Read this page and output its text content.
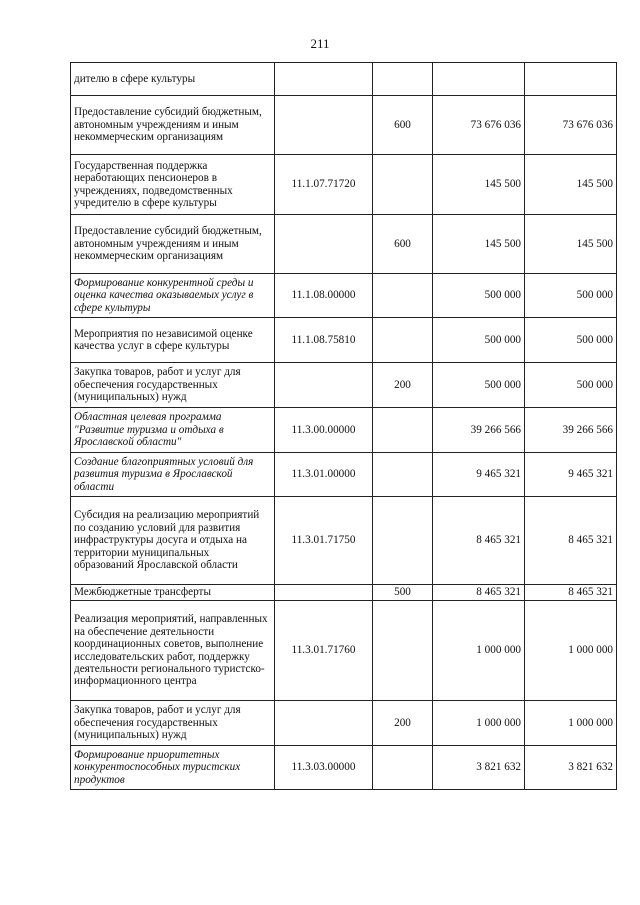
211
дителю в сфере культуры				
Предоставление субсидий бюджетным, автономным учреждениям и иным некоммерческим организациям		600	73 676 036	73 676 036
Государственная поддержка неработающих пенсионеров в учреждениях, подведомственных учредителю в сфере культуры	11.1.07.71720		145 500	145 500
Предоставление субсидий бюджетным, автономным учреждениям и иным некоммерческим организациям		600	145 500	145 500
Формирование конкурентной среды и оценка качества оказываемых услуг в сфере культуры	11.1.08.00000		500 000	500 000
Мероприятия по независимой оценке качества услуг в сфере культуры	11.1.08.75810		500 000	500 000
Закупка товаров, работ и услуг для обеспечения государственных (муниципальных) нужд		200	500 000	500 000
Областная целевая программа "Развитие туризма и отдыха в Ярославской области"	11.3.00.00000		39 266 566	39 266 566
Создание благоприятных условий для развития туризма в Ярославской области	11.3.01.00000		9 465 321	9 465 321
Субсидия на реализацию мероприятий по созданию условий для развития инфраструктуры досуга и отдыха на территории муниципальных образований Ярославской области	11.3.01.71750		8 465 321	8 465 321
Межбюджетные трансферты		500	8 465 321	8 465 321
Реализация мероприятий, направленных на обеспечение деятельности координационных советов, выполнение исследовательских работ, поддержку деятельности регионального туристско-информационного центра	11.3.01.71760		1 000 000	1 000 000
Закупка товаров, работ и услуг для обеспечения государственных (муниципальных) нужд		200	1 000 000	1 000 000
Формирование приоритетных конкурентоспособных туристских продуктов	11.3.03.00000		3 821 632	3 821 632
